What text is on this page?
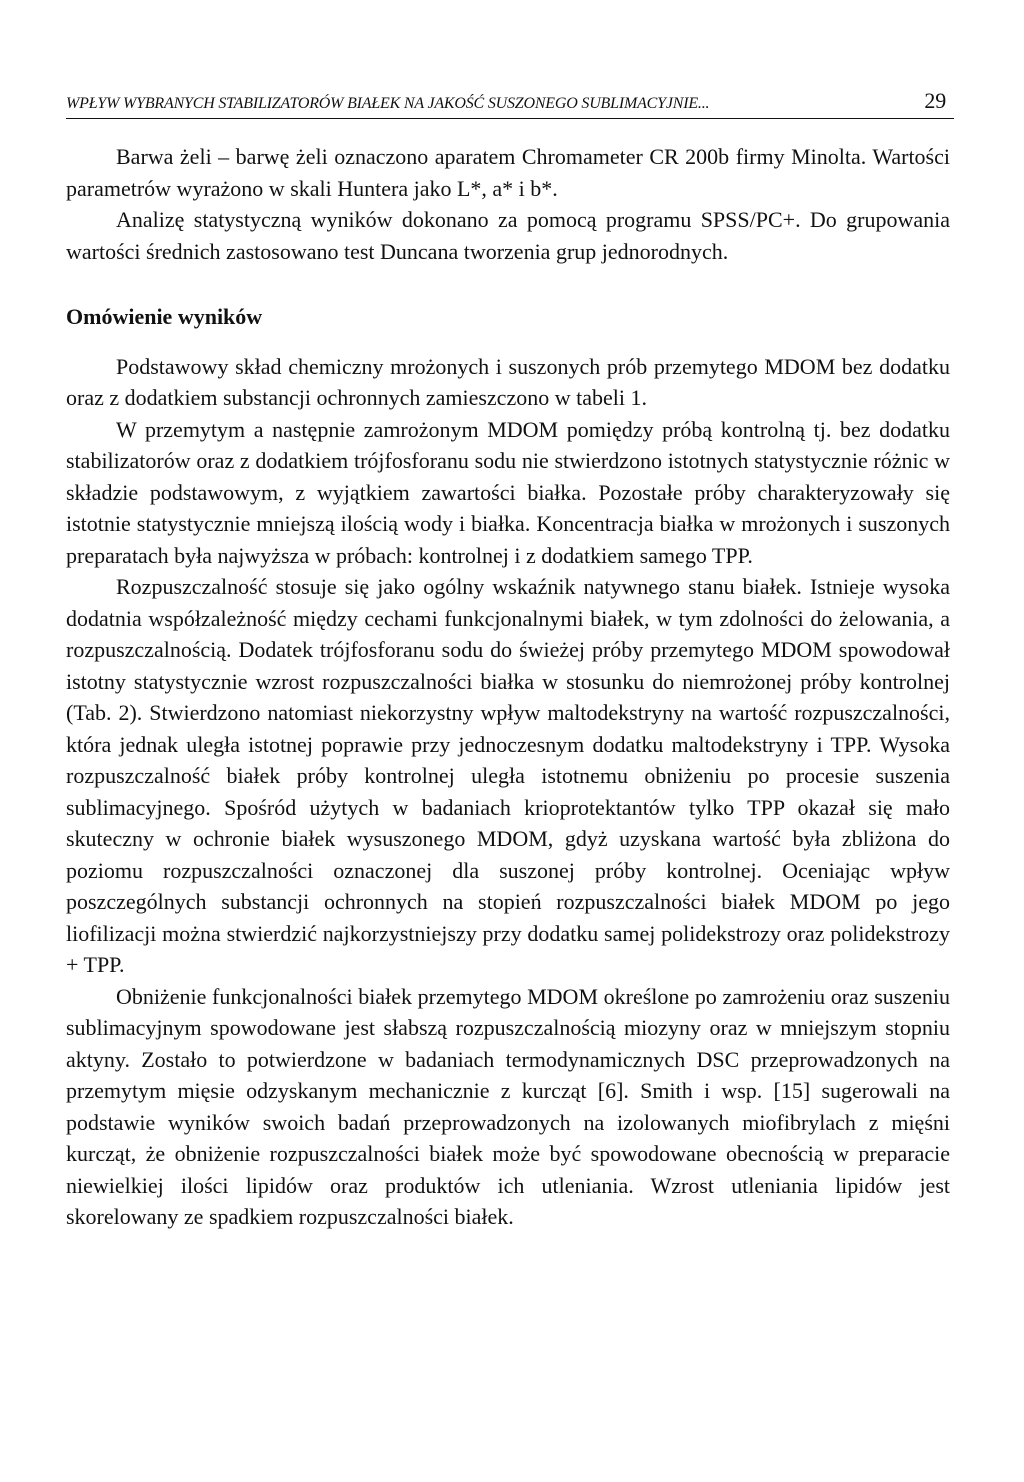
WPŁYW WYBRANYCH STABILIZATORÓW BIAŁEK NA JAKOŚĆ SUSZONEGO SUBLIMACYJNIE...	29

Barwa żeli – barwę żeli oznaczono aparatem Chromameter CR 200b firmy Minolta. Wartości parametrów wyrażono w skali Huntera jako L*, a* i b*.

Analizę statystyczną wyników dokonano za pomocą programu SPSS/PC+. Do grupowania wartości średnich zastosowano test Duncana tworzenia grup jednorodnych.

Omówienie wyników

Podstawowy skład chemiczny mrożonych i suszonych prób przemytego MDOM bez dodatku oraz z dodatkiem substancji ochronnych zamieszczono w tabeli 1.

W przemytym a następnie zamrożonym MDOM pomiędzy próbą kontrolną tj. bez dodatku stabilizatorów oraz z dodatkiem trójfosforanu sodu nie stwierdzono istotnych statystycznie różnic w składzie podstawowym, z wyjątkiem zawartości białka. Pozostałe próby charakteryzowały się istotnie statystycznie mniejszą ilością wody i białka. Koncentracja białka w mrożonych i suszonych preparatach była najwyższa w próbach: kontrolnej i z dodatkiem samego TPP.

Rozpuszczalność stosuje się jako ogólny wskaźnik natywnego stanu białek. Istnieje wysoka dodatnia współzależność między cechami funkcjonalnymi białek, w tym zdolności do żelowania, a rozpuszczalnością. Dodatek trójfosforanu sodu do świeżej próby przemytego MDOM spowodował istotny statystycznie wzrost rozpuszczalności białka w stosunku do niemrożonej próby kontrolnej (Tab. 2). Stwierdzono natomiast niekorzystny wpływ maltodekstryny na wartość rozpuszczalności, która jednak uległa istotnej poprawie przy jednoczesnym dodatku maltodekstryny i TPP. Wysoka rozpuszczalność białek próby kontrolnej uległa istotnemu obniżeniu po procesie suszenia sublimacyjnego. Spośród użytych w badaniach krioprotektantów tylko TPP okazał się mało skuteczny w ochronie białek wysuszonego MDOM, gdyż uzyskana wartość była zbliżona do poziomu rozpuszczalności oznaczonej dla suszonej próby kontrolnej. Oceniając wpływ poszczególnych substancji ochronnych na stopień rozpuszczalności białek MDOM po jego liofilizacji można stwierdzić najkorzystniejszy przy dodatku samej polidekstrozy oraz polidekstrozy + TPP.

Obniżenie funkcjonalności białek przemytego MDOM określone po zamrożeniu oraz suszeniu sublimacyjnym spowodowane jest słabszą rozpuszczalnością miozyny oraz w mniejszym stopniu aktyny. Zostało to potwierdzone w badaniach termodynamicznych DSC przeprowadzonych na przemytym mięsie odzyskanym mechanicznie z kurcząt [6]. Smith i wsp. [15] sugerowali na podstawie wyników swoich badań przeprowadzonych na izolowanych miofibrylach z mięśni kurcząt, że obniżenie rozpuszczalności białek może być spowodowane obecnością w preparacie niewielkiej ilości lipidów oraz produktów ich utleniania. Wzrost utleniania lipidów jest skorelowany ze spadkiem rozpuszczalności białek.
